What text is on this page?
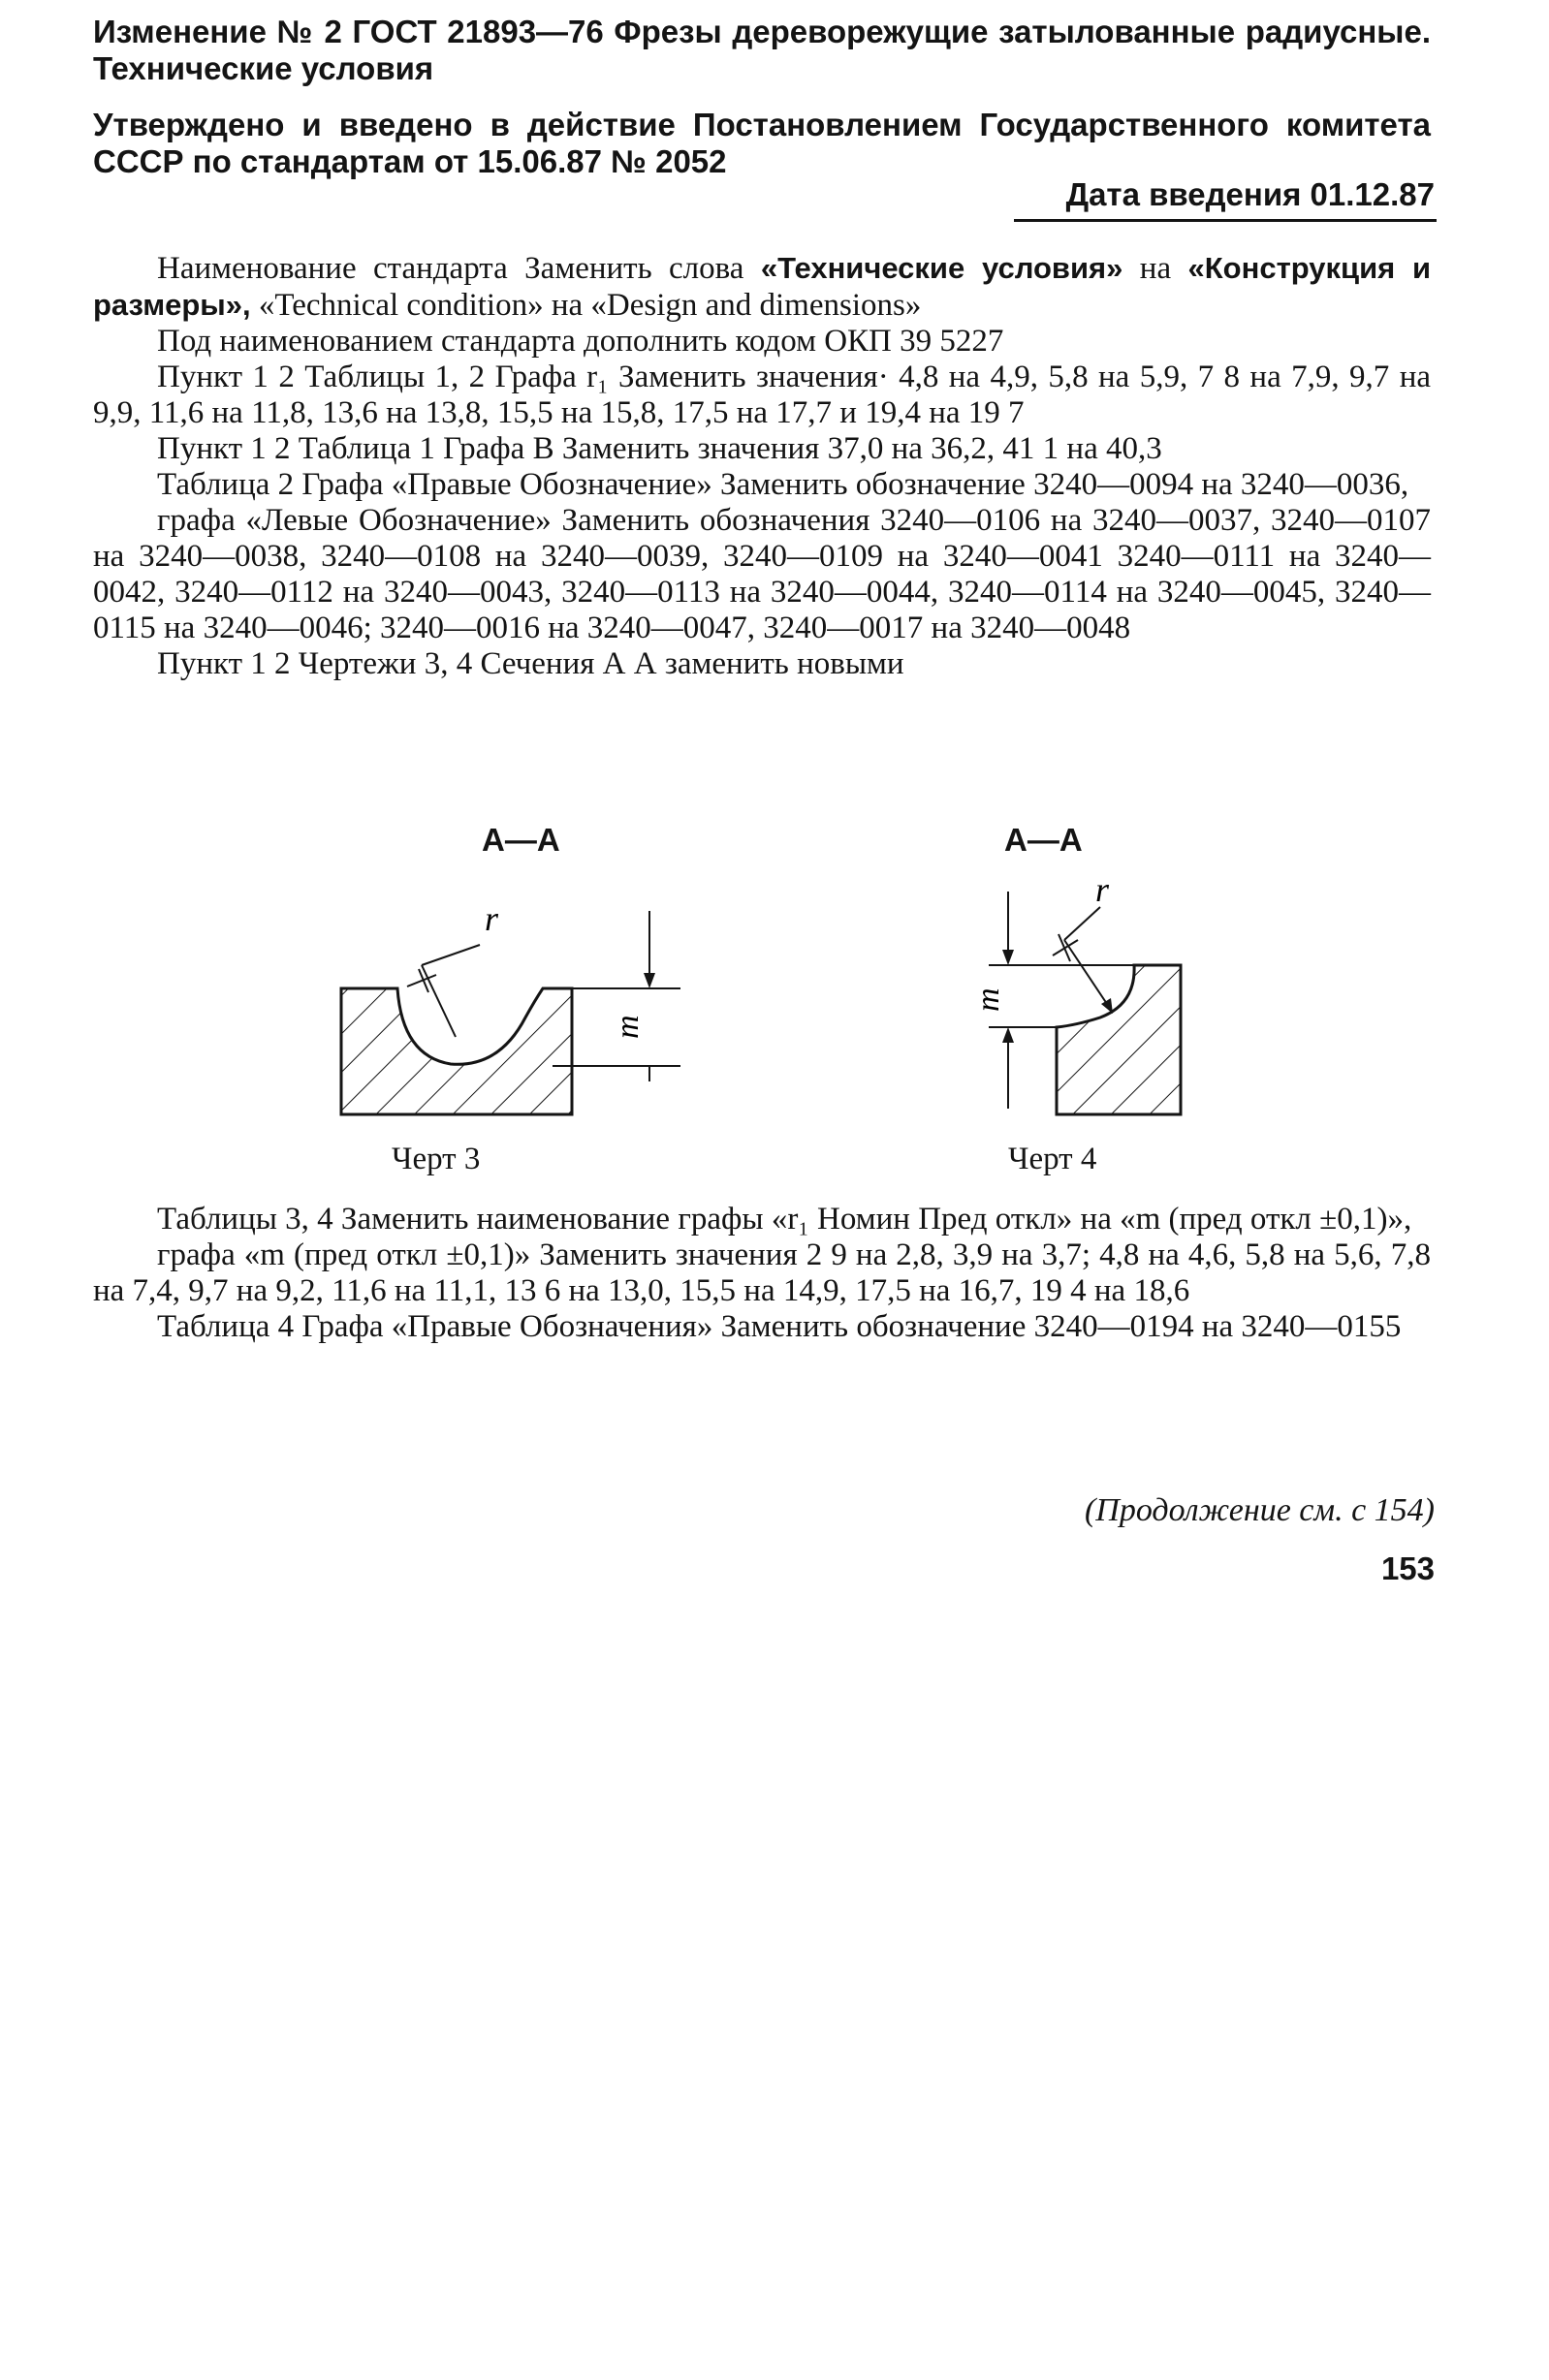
Изменение № 2 ГОСТ 21893—76 Фрезы дереворежущие затылованные радиусные. Технические условия
Утверждено и введено в действие Постановлением Государственного комитета СССР по стандартам от 15.06.87 № 2052
Дата введения 01.12.87

Наименование стандарта Заменить слова «Технические условия» на «Конструкция и размеры», «Technical condition» на «Design and dimensions»

Под наименованием стандарта дополнить кодом ОКП 39 5227

Пункт 1 2 Таблицы 1, 2 Графа r₁ Заменить значения· 4,8 на 4,9, 5,8 на 5,9, 7 8 на 7,9, 9,7 на 9,9, 11,6 на 11,8, 13,6 на 13,8, 15,5 на 15,8, 17,5 на 17,7 и 19,4 на 19 7

Пункт 1 2 Таблица 1 Графа B Заменить значения 37,0 на 36,2, 41 1 на 40,3

Таблица 2 Графа «Правые Обозначение» Заменить обозначение 3240—0094 на 3240—0036,

графа «Левые Обозначение» Заменить обозначения 3240—0106 на 3240—0037, 3240—0107 на 3240—0038, 3240—0108 на 3240—0039, 3240—0109 на 3240—0041 3240—0111 на 3240—0042, 3240—0112 на 3240—0043, 3240—0113 на 3240—0044, 3240—0114 на 3240—0045, 3240—0115 на 3240—0046; 3240—0016 на 3240—0047, 3240—0017 на 3240—0048

Пункт 1 2 Чертежи 3, 4 Сечения А А заменить новыми

А—А
r
m
Черт 3
А—А
r
m
Черт 4

Таблицы 3, 4 Заменить наименование графы «r₁ Номин Пред откл» на «m (пред откл ±0,1)»,

графа «m (пред откл ±0,1)» Заменить значения 2 9 на 2,8, 3,9 на 3,7; 4,8 на 4,6, 5,8 на 5,6, 7,8 на 7,4, 9,7 на 9,2, 11,6 на 11,1, 13 6 на 13,0, 15,5 на 14,9, 17,5 на 16,7, 19 4 на 18,6

Таблица 4 Графа «Правые Обозначения» Заменить обозначение 3240—0194 на 3240—0155

(Продолжение см. с 154)
153
